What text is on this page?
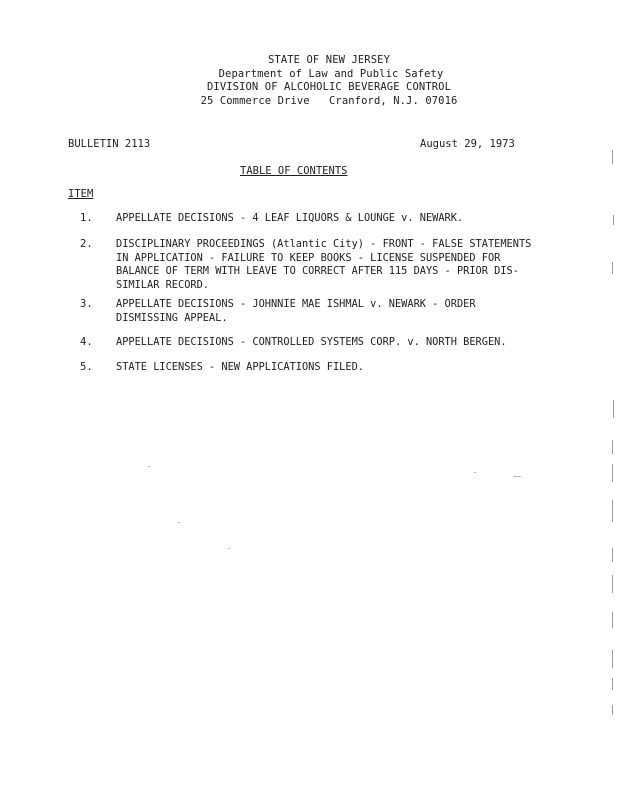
STATE OF NEW JERSEY
Department of Law and Public Safety
DIVISION OF ALCOHOLIC BEVERAGE CONTROL
25 Commerce Drive   Cranford, N.J. 07016
BULLETIN 2113	August 29, 1973
TABLE OF CONTENTS
ITEM
1. APPELLATE DECISIONS - 4 LEAF LIQUORS & LOUNGE v. NEWARK.
2. DISCIPLINARY PROCEEDINGS (Atlantic City) - FRONT - FALSE STATEMENTS
IN APPLICATION - FAILURE TO KEEP BOOKS - LICENSE SUSPENDED FOR
BALANCE OF TERM WITH LEAVE TO CORRECT AFTER 115 DAYS - PRIOR DIS-
SIMILAR RECORD.
3. APPELLATE DECISIONS - JOHNNIE MAE ISHMAL v. NEWARK - ORDER
DISMISSING APPEAL.
4. APPELLATE DECISIONS - CONTROLLED SYSTEMS CORP. v. NORTH BERGEN.
5. STATE LICENSES - NEW APPLICATIONS FILED.
